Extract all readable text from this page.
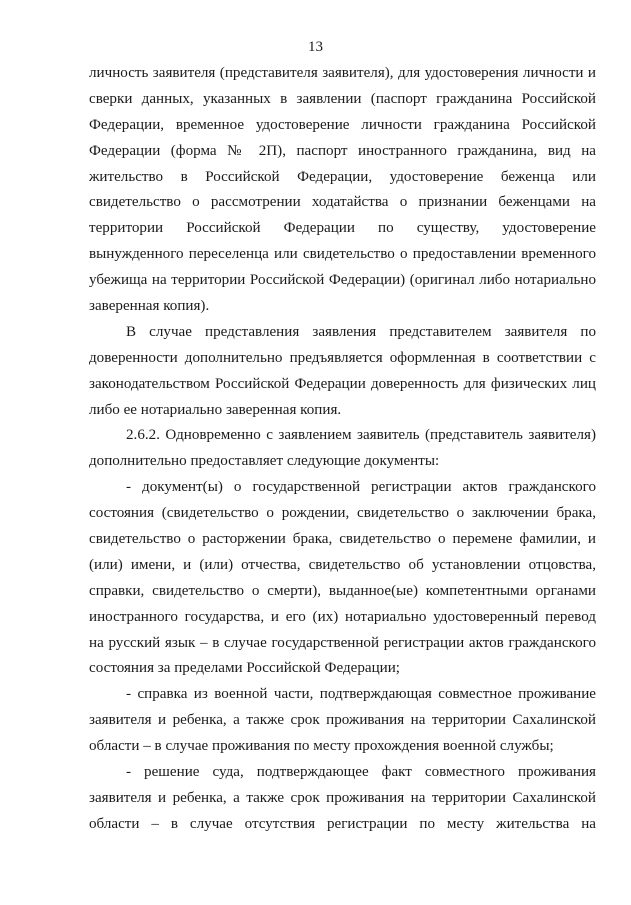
13
личность заявителя (представителя заявителя), для удостоверения личности и
сверки данных, указанных в заявлении (паспорт гражданина Российской
Федерации, временное удостоверение личности гражданина Российской
Федерации (форма № 2П), паспорт иностранного гражданина, вид на
жительство в Российской Федерации, удостоверение беженца или
свидетельство о рассмотрении ходатайства о признании беженцами на
территории Российской Федерации по существу, удостоверение
вынужденного переселенца или свидетельство о предоставлении временного
убежища на территории Российской Федерации) (оригинал либо нотариально
заверенная копия).
В случае представления заявления представителем заявителя по
доверенности дополнительно предъявляется оформленная в соответствии с
законодательством Российской Федерации доверенность для физических лиц
либо ее нотариально заверенная копия.
2.6.2. Одновременно с заявлением заявитель (представитель заявителя)
дополнительно предоставляет следующие документы:
- документ(ы) о государственной регистрации актов гражданского
состояния (свидетельство о рождении, свидетельство о заключении брака,
свидетельство о расторжении брака, свидетельство о перемене фамилии, и
(или) имени, и (или) отчества, свидетельство об установлении отцовства,
справки, свидетельство о смерти), выданное(ые) компетентными органами
иностранного государства, и его (их) нотариально удостоверенный перевод
на русский язык – в случае государственной регистрации актов гражданского
состояния за пределами Российской Федерации;
- справка из военной части, подтверждающая совместное проживание
заявителя и ребенка, а также срок проживания на территории Сахалинской
области – в случае проживания по месту прохождения военной службы;
- решение суда, подтверждающее факт совместного проживания
заявителя и ребенка, а также срок проживания на территории Сахалинской
области – в случае отсутствия регистрации по месту жительства на
